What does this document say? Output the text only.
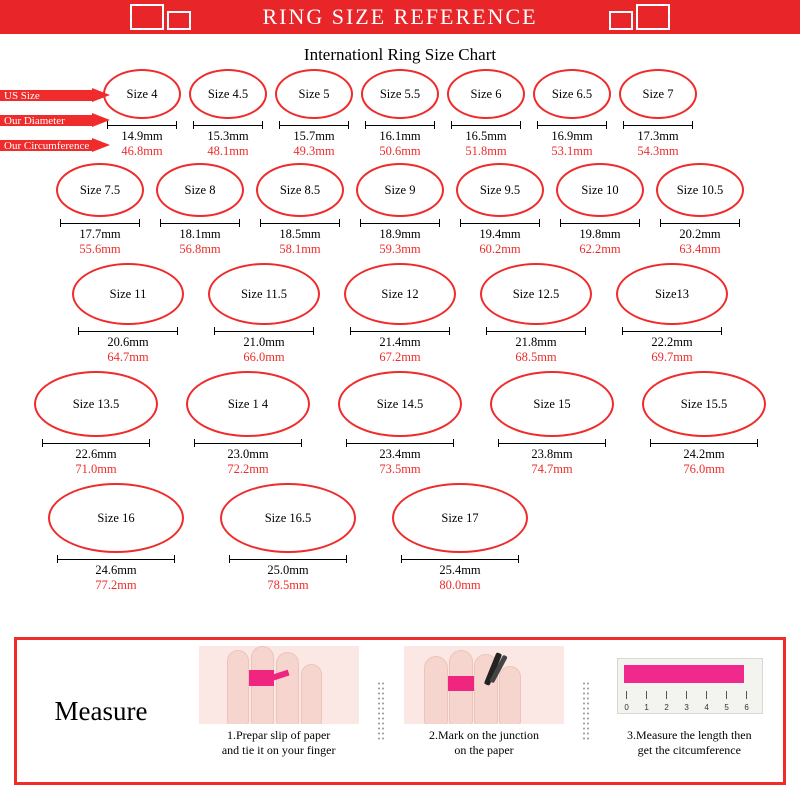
RING SIZE REFERENCE
Internationl Ring Size Chart
US Size
Our Diameter
Our Circumference
Size 4
14.9mm
46.8mm
Size 4.5
15.3mm
48.1mm
Size 5
15.7mm
49.3mm
Size 5.5
16.1mm
50.6mm
Size 6
16.5mm
51.8mm
Size 6.5
16.9mm
53.1mm
Size 7
17.3mm
54.3mm
Size 7.5
17.7mm
55.6mm
Size 8
18.1mm
56.8mm
Size 8.5
18.5mm
58.1mm
Size 9
18.9mm
59.3mm
Size 9.5
19.4mm
60.2mm
Size 10
19.8mm
62.2mm
Size 10.5
20.2mm
63.4mm
Size 11
20.6mm
64.7mm
Size 11.5
21.0mm
66.0mm
Size 12
21.4mm
67.2mm
Size 12.5
21.8mm
68.5mm
Size13
22.2mm
69.7mm
Size 13.5
22.6mm
71.0mm
Size 1 4
23.0mm
72.2mm
Size 14.5
23.4mm
73.5mm
Size 15
23.8mm
74.7mm
Size 15.5
24.2mm
76.0mm
Size 16
24.6mm
77.2mm
Size 16.5
25.0mm
78.5mm
Size 17
25.4mm
80.0mm
Measure
1.Prepar slip of paper
and tie it on your finger
2.Mark on the junction
on the paper
0 1 2 3 4 5 6
3.Measure the length then
get the citcumference
